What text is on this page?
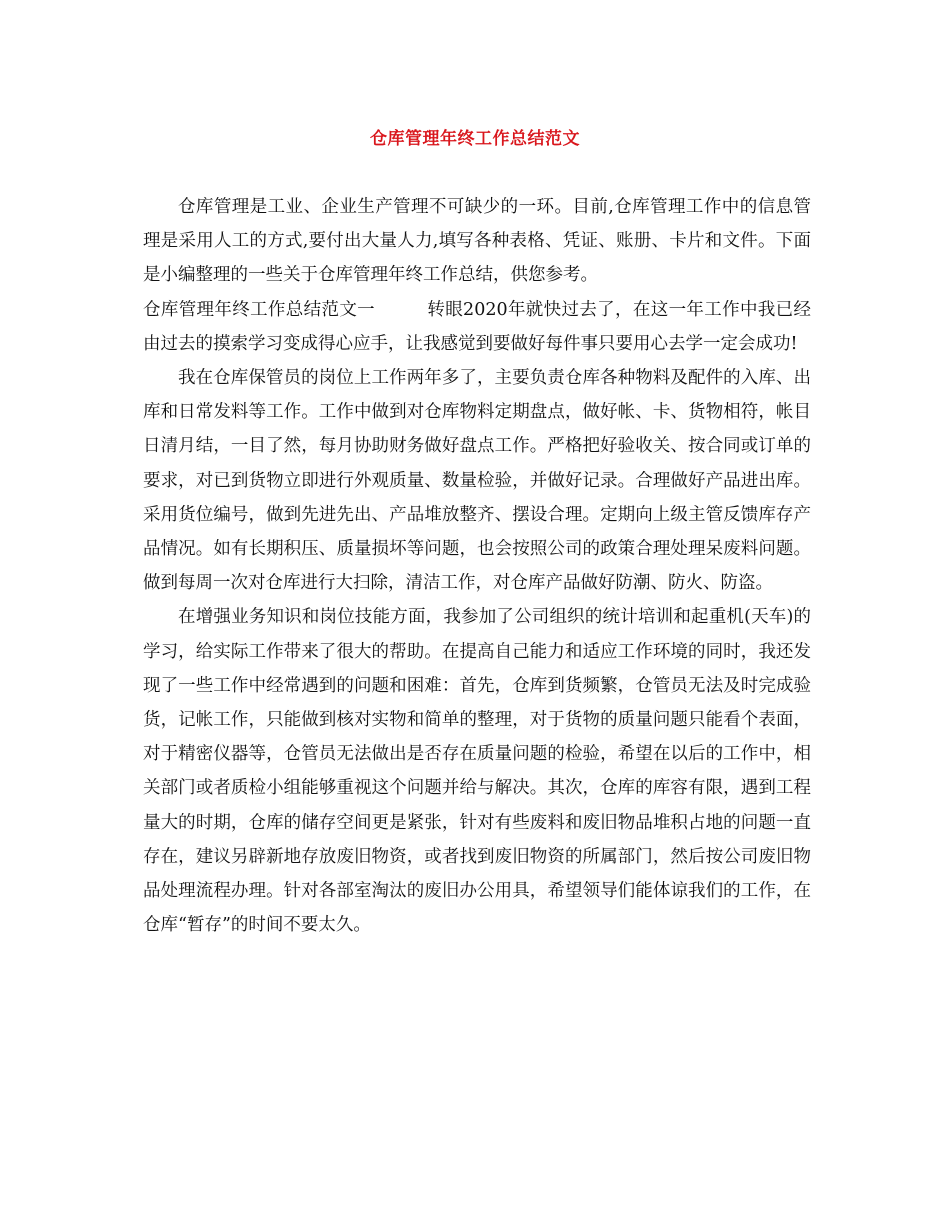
仓库管理年终工作总结范文

仓库管理是工业、企业生产管理不可缺少的一环。目前,仓库管理工作中的信息管理是采用人工的方式,要付出大量人力,填写各种表格、凭证、账册、卡片和文件。下面是小编整理的一些关于仓库管理年终工作总结，供您参考。

仓库管理年终工作总结范文一	转眼2020年就快过去了，在这一年工作中我已经由过去的摸索学习变成得心应手，让我感觉到要做好每件事只要用心去学一定会成功!

我在仓库保管员的岗位上工作两年多了，主要负责仓库各种物料及配件的入库、出库和日常发料等工作。工作中做到对仓库物料定期盘点，做好帐、卡、货物相符，帐目日清月结，一目了然，每月协助财务做好盘点工作。严格把好验收关、按合同或订单的要求，对已到货物立即进行外观质量、数量检验，并做好记录。合理做好产品进出库。采用货位编号，做到先进先出、产品堆放整齐、摆设合理。定期向上级主管反馈库存产品情况。如有长期积压、质量损坏等问题，也会按照公司的政策合理处理呆废料问题。做到每周一次对仓库进行大扫除，清洁工作，对仓库产品做好防潮、防火、防盗。

在增强业务知识和岗位技能方面，我参加了公司组织的统计培训和起重机(天车)的学习，给实际工作带来了很大的帮助。在提高自己能力和适应工作环境的同时，我还发现了一些工作中经常遇到的问题和困难：首先，仓库到货频繁，仓管员无法及时完成验货，记帐工作，只能做到核对实物和简单的整理，对于货物的质量问题只能看个表面，对于精密仪器等，仓管员无法做出是否存在质量问题的检验，希望在以后的工作中，相关部门或者质检小组能够重视这个问题并给与解决。其次，仓库的库容有限，遇到工程量大的时期，仓库的储存空间更是紧张，针对有些废料和废旧物品堆积占地的问题一直存在，建议另辟新地存放废旧物资，或者找到废旧物资的所属部门，然后按公司废旧物品处理流程办理。针对各部室淘汰的废旧办公用具，希望领导们能体谅我们的工作，在仓库“暂存”的时间不要太久。
